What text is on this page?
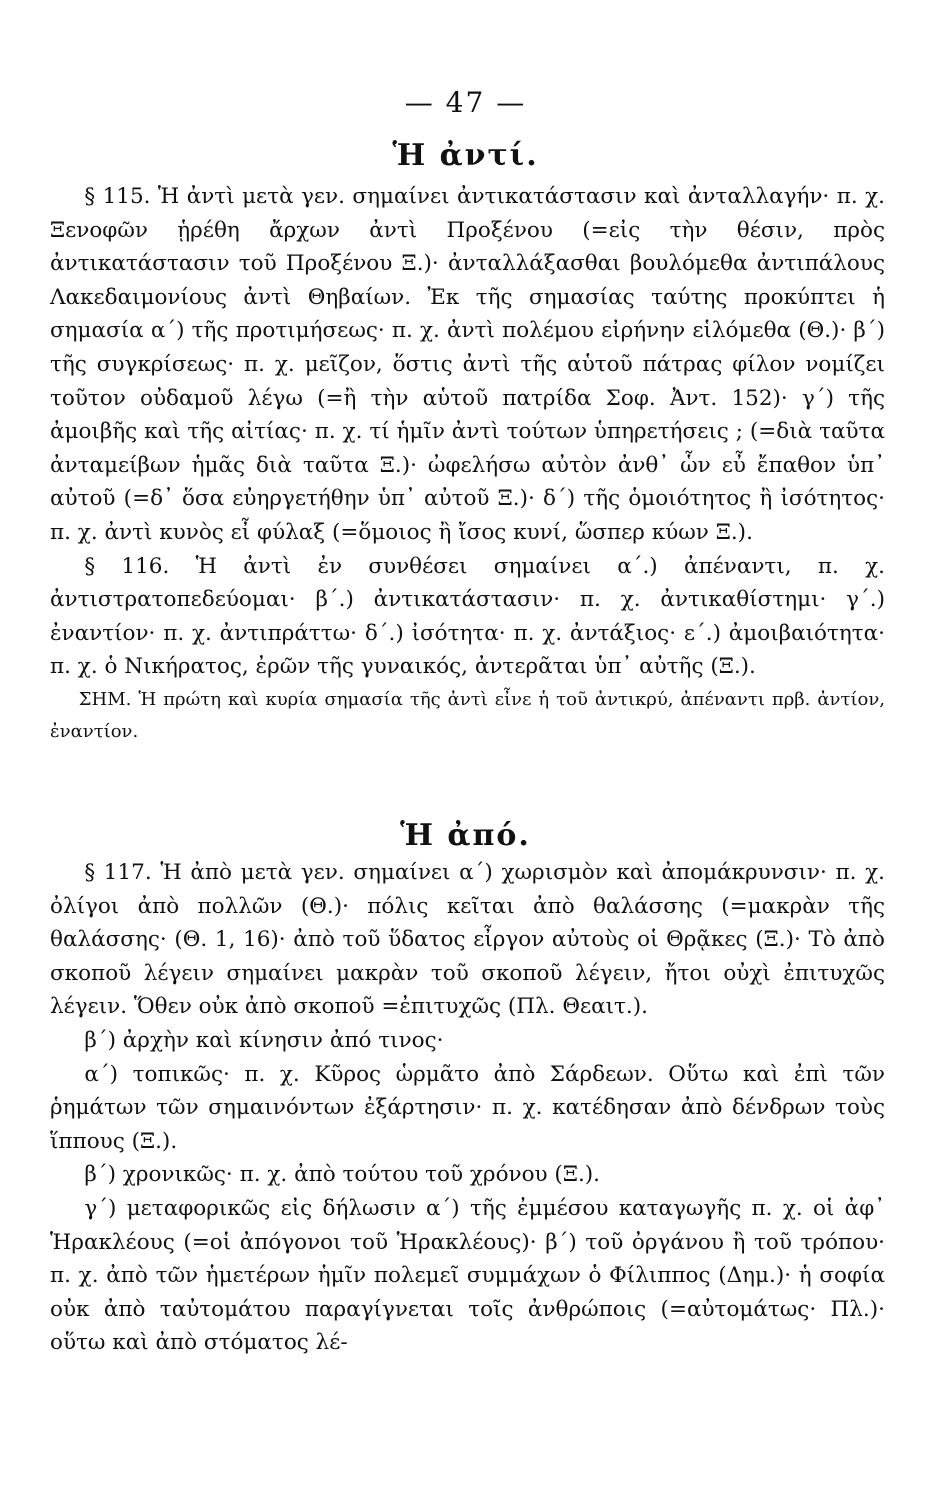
— 47 —
Ἡ ἀντί.

§ 115. Ἡ ἀντὶ μετὰ γεν. σημαίνει ἀντικατάστασιν καὶ ἀνταλλαγήν· π. χ. Ξενοφῶν ᾑρέθη ἄρχων ἀντὶ Προξένου (=εἰς τὴν θέσιν, πρὸς ἀντικατάστασιν τοῦ Προξένου Ξ.)· ἀνταλλάξασθαι βουλόμεθα ἀντιπάλους Λακεδαιμονίους ἀντὶ Θηβαίων. Ἐκ τῆς σημασίας ταύτης προκύπτει ἡ σημασία α΄) τῆς προτιμήσεως· π. χ. ἀντὶ πολέμου εἰρήνην εἱλόμεθα (Θ.)· β΄) τῆς συγκρίσεως· π. χ. μεῖζον, ὅστις ἀντὶ τῆς αὑτοῦ πάτρας φίλον νομίζει τοῦτον οὐδαμοῦ λέγω (=ἢ τὴν αὑτοῦ πατρίδα Σοφ. Ἀντ. 152)· γ΄) τῆς ἀμοιβῆς καὶ τῆς αἰτίας· π. χ. τί ἡμῖν ἀντὶ τούτων ὑπηρετήσεις ; (=διὰ ταῦτα ἀνταμείβων ἡμᾶς διὰ ταῦτα Ξ.)· ὠφελήσω αὐτὸν ἀνθ᾿ ὧν εὖ ἔπαθον ὑπ᾿ αὐτοῦ (=δ᾿ ὅσα εὐηργετήθην ὑπ᾿ αὐτοῦ Ξ.)· δ΄) τῆς ὁμοιότητος ἢ ἰσότητος· π. χ. ἀντὶ κυνὸς εἶ φύλαξ (=ὅμοιος ἢ ἴσος κυνί, ὥσπερ κύων Ξ.).

§ 116. Ἡ ἀντὶ ἐν συνθέσει σημαίνει α΄.) ἀπέναντι, π. χ. ἀντιστρατοπεδεύομαι· β΄.) ἀντικατάστασιν· π. χ. ἀντικαθίστημι· γ΄.) ἐναντίον· π. χ. ἀντιπράττω· δ΄.) ἰσότητα· π. χ. ἀντάξιος· ε΄.) ἀμοιβαιότητα· π. χ. ὁ Νικήρατος, ἐρῶν τῆς γυναικός, ἀντερᾶται ὑπ᾿ αὐτῆς (Ξ.).

ΣΗΜ. Ἡ πρώτη καὶ κυρία σημασία τῆς ἀντὶ εἶνε ἡ τοῦ ἀντικρύ, ἀπέναντι πρβ. ἀντίον, ἐναντίον.

Ἡ ἀπό.

§ 117. Ἡ ἀπὸ μετὰ γεν. σημαίνει α΄) χωρισμὸν καὶ ἀπομάκρυνσιν· π. χ. ὀλίγοι ἀπὸ πολλῶν (Θ.)· πόλις κεῖται ἀπὸ θαλάσσης (=μακρὰν τῆς θαλάσσης· (Θ. 1, 16)· ἀπὸ τοῦ ὕδατος εἶργον αὐτοὺς οἱ Θρᾷκες (Ξ.)· Τὸ ἀπὸ σκοποῦ λέγειν σημαίνει μακρὰν τοῦ σκοποῦ λέγειν, ἤτοι οὐχὶ ἐπιτυχῶς λέγειν. Ὅθεν οὐκ ἀπὸ σκοποῦ =ἐπιτυχῶς (Πλ. Θεαιτ.).

β΄) ἀρχὴν καὶ κίνησιν ἀπό τινος·

α΄) τοπικῶς· π. χ. Κῦρος ὡρμᾶτο ἀπὸ Σάρδεων. Οὕτω καὶ ἐπὶ τῶν ῥημάτων τῶν σημαινόντων ἐξάρτησιν· π. χ. κατέδησαν ἀπὸ δένδρων τοὺς ἵππους (Ξ.).

β΄) χρονικῶς· π. χ. ἀπὸ τούτου τοῦ χρόνου (Ξ.).

γ΄) μεταφορικῶς εἰς δήλωσιν α΄) τῆς ἐμμέσου καταγωγῆς π. χ. οἱ ἀφ᾿ Ἡρακλέους (=οἱ ἀπόγονοι τοῦ Ἡρακλέους)· β΄) τοῦ ὀργάνου ἢ τοῦ τρόπου· π. χ. ἀπὸ τῶν ἡμετέρων ἡμῖν πολεμεῖ συμμάχων ὁ Φίλιππος (Δημ.)· ἡ σοφία οὐκ ἀπὸ ταὐτομάτου παραγίγνεται τοῖς ἀνθρώποις (=αὐτομάτως· Πλ.)· οὕτω καὶ ἀπὸ στόματος λέ-
